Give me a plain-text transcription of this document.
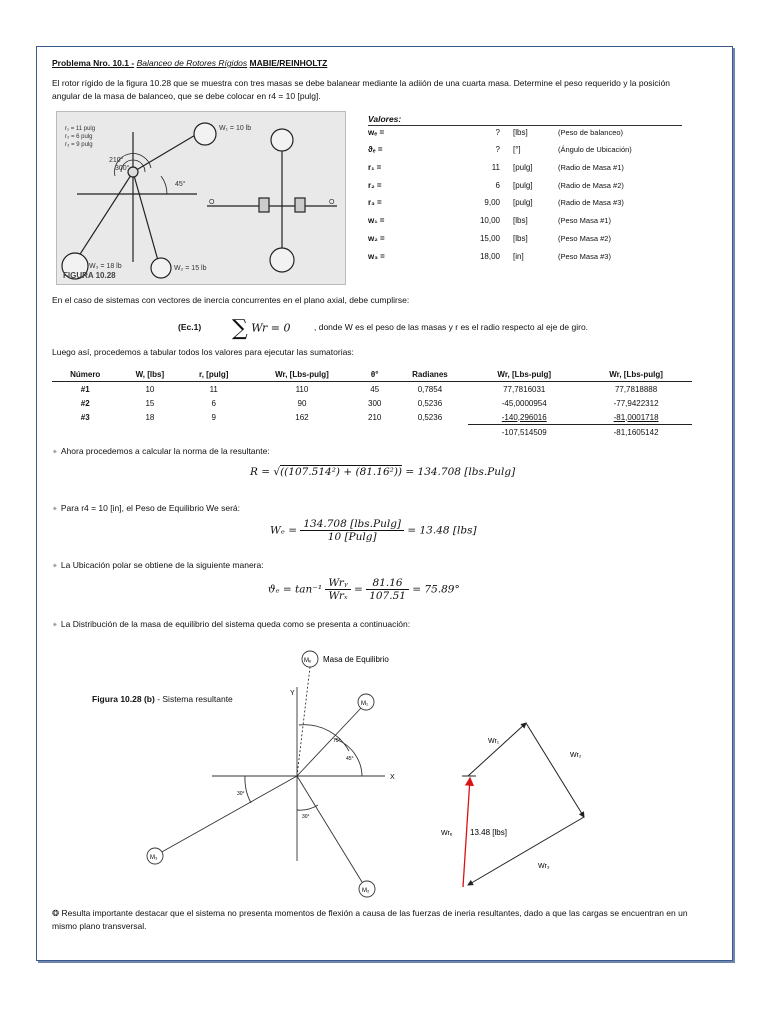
Problema Nro. 10.1 - Balanceo de Rotores Rígidos MABIE/REINHOLTZ
El rotor rígido de la figura 10.28 que se muestra con tres masas se debe balanear mediante la adiión de una cuarta masa. Determine el peso requerido y la posición angular de la masa de balanceo, que se debe colocar en r4 = 10 [pulg].
r₁ = 11 pulg
r₂ = 6 pulg
r₃ = 9 pulg
W₁ = 10 lb
W₃ = 18 lb	W₂ = 15 lb
210°
300°
45°
O	O
FIGURA 10.28
Valores:
wₑ =	? [lbs]	(Peso de balanceo)
ϑₑ =	? [°]	(Ángulo de Ubicación)
r₁ =	11 [pulg]	(Radio de Masa #1)
r₂ =	6 [pulg]	(Radio de Masa #2)
r₃ =	9,00 [pulg]	(Radio de Masa #3)
w₁ =	10,00 [lbs]	(Peso Masa #1)
w₂ =	15,00 [lbs]	(Peso Masa #2)
w₃ =	18,00 [in]	(Peso Masa #3)
En el caso de sistemas con vectores de inercia concurrentes en el plano axial, debe cumplirse:
(Ec.1) ∑ Wr = 0	, donde W es el peso de las masas y r es el radio respecto al eje de giro.
Luego así, procedemos a tabular todos los valores para ejecutar las sumatorias:
Número	W, [lbs]	r, [pulg]	Wr, [Lbs-pulg]	θ°	Radianes	Wr, [Lbs-pulg]	Wr, [Lbs-pulg]
#1	10	11	110	45	0,7854	77,7816031	77,7818888
#2	15	6	90	300	0,5236	-45,0000954	-77,9422312
#3	18	9	162	210	0,5236	-140,296016	-81,0001718
						-107,514509	-81,1605142
✴ Ahora procedemos a calcular la norma de la resultante:
R = √((107.514²) + (81.16²)) = 134.708 [lbs.Pulg]
✴ Para r4 = 10 [in], el Peso de Equilibrio We será:
$W_e = \frac{\text{134.708 [lbs.Pulg]}}{10 [Pulg]} = 13.48$ [lbs]
✴ La Ubicación polar se obtiene de la siguiente manera:
$ϑ_e = \tan^{-1} \frac{\text{Wrᵧ}}{\text{Wrₓ}} = \frac{81.16}{107.51} = 75.89^\circ$
✴ La Distribución de la masa de equilibrio del sistema queda como se presenta a continuación:
Figura 10.28 (b) - Sistema resultante
Mₑ Masa de Equilibrio
M₁
M₂
M₃
X
Y
75°
45°
30°
30°
Wr₁
Wr₂
Wr₃
Wrₑ 13.48 [lbs]
❂ Resulta importante destacar que el sistema no presenta momentos de flexión a causa de las fuerzas de ineria resultantes, dado a que las cargas se encuentran en un mismo plano transversal.
